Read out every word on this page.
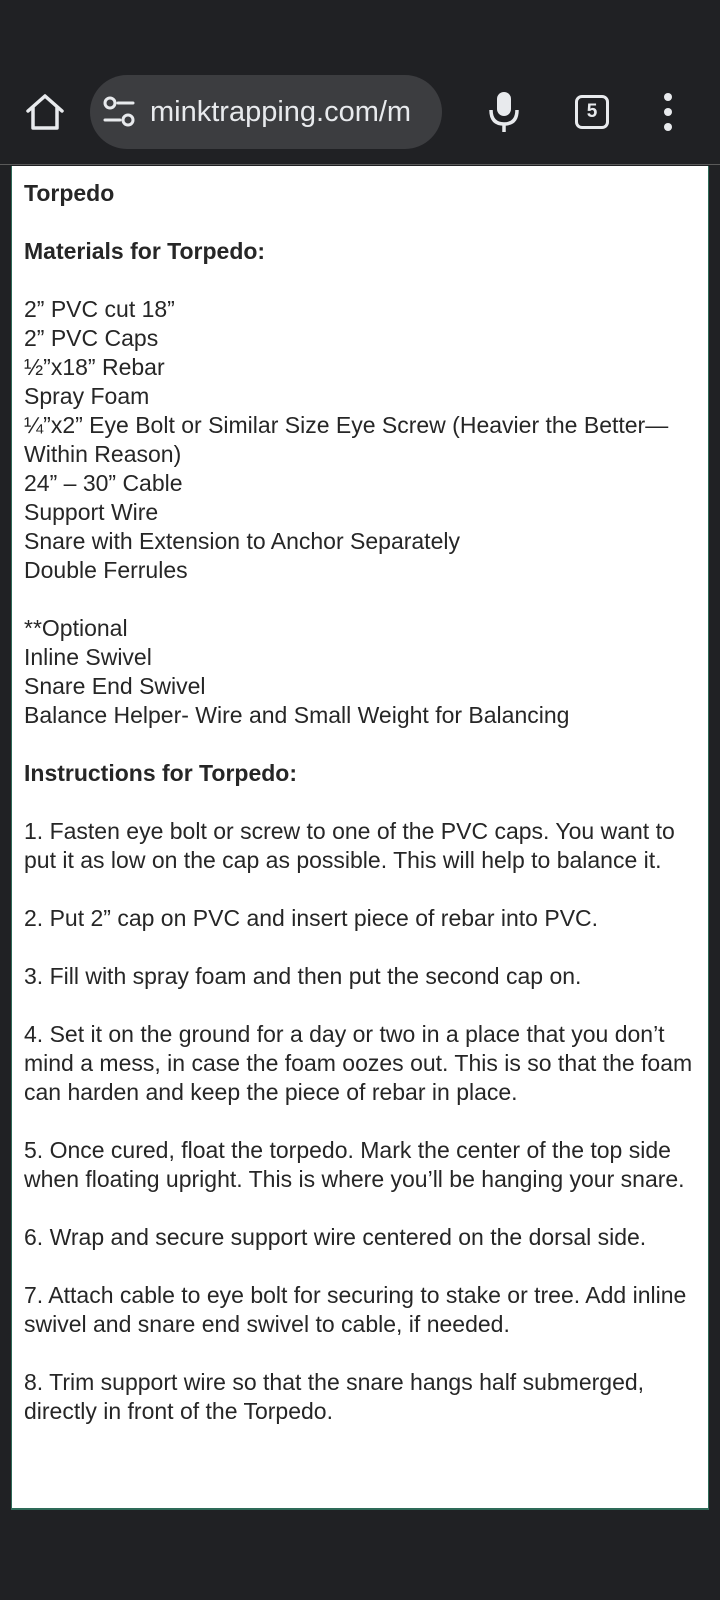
minktrapping.com/m	5

Torpedo

Materials for Torpedo:

2” PVC cut 18”
2” PVC Caps
½”x18” Rebar
Spray Foam
¼”x2” Eye Bolt or Similar Size Eye Screw (Heavier the Better—Within Reason)
24” – 30” Cable
Support Wire
Snare with Extension to Anchor Separately
Double Ferrules

**Optional
Inline Swivel
Snare End Swivel
Balance Helper- Wire and Small Weight for Balancing

Instructions for Torpedo:

1. Fasten eye bolt or screw to one of the PVC caps. You want to put it as low on the cap as possible. This will help to balance it.

2. Put 2” cap on PVC and insert piece of rebar into PVC.

3. Fill with spray foam and then put the second cap on.

4. Set it on the ground for a day or two in a place that you don’t mind a mess, in case the foam oozes out. This is so that the foam can harden and keep the piece of rebar in place.

5. Once cured, float the torpedo. Mark the center of the top side when floating upright. This is where you’ll be hanging your snare.

6. Wrap and secure support wire centered on the dorsal side.

7. Attach cable to eye bolt for securing to stake or tree. Add inline swivel and snare end swivel to cable, if needed.

8. Trim support wire so that the snare hangs half submerged, directly in front of the Torpedo.
